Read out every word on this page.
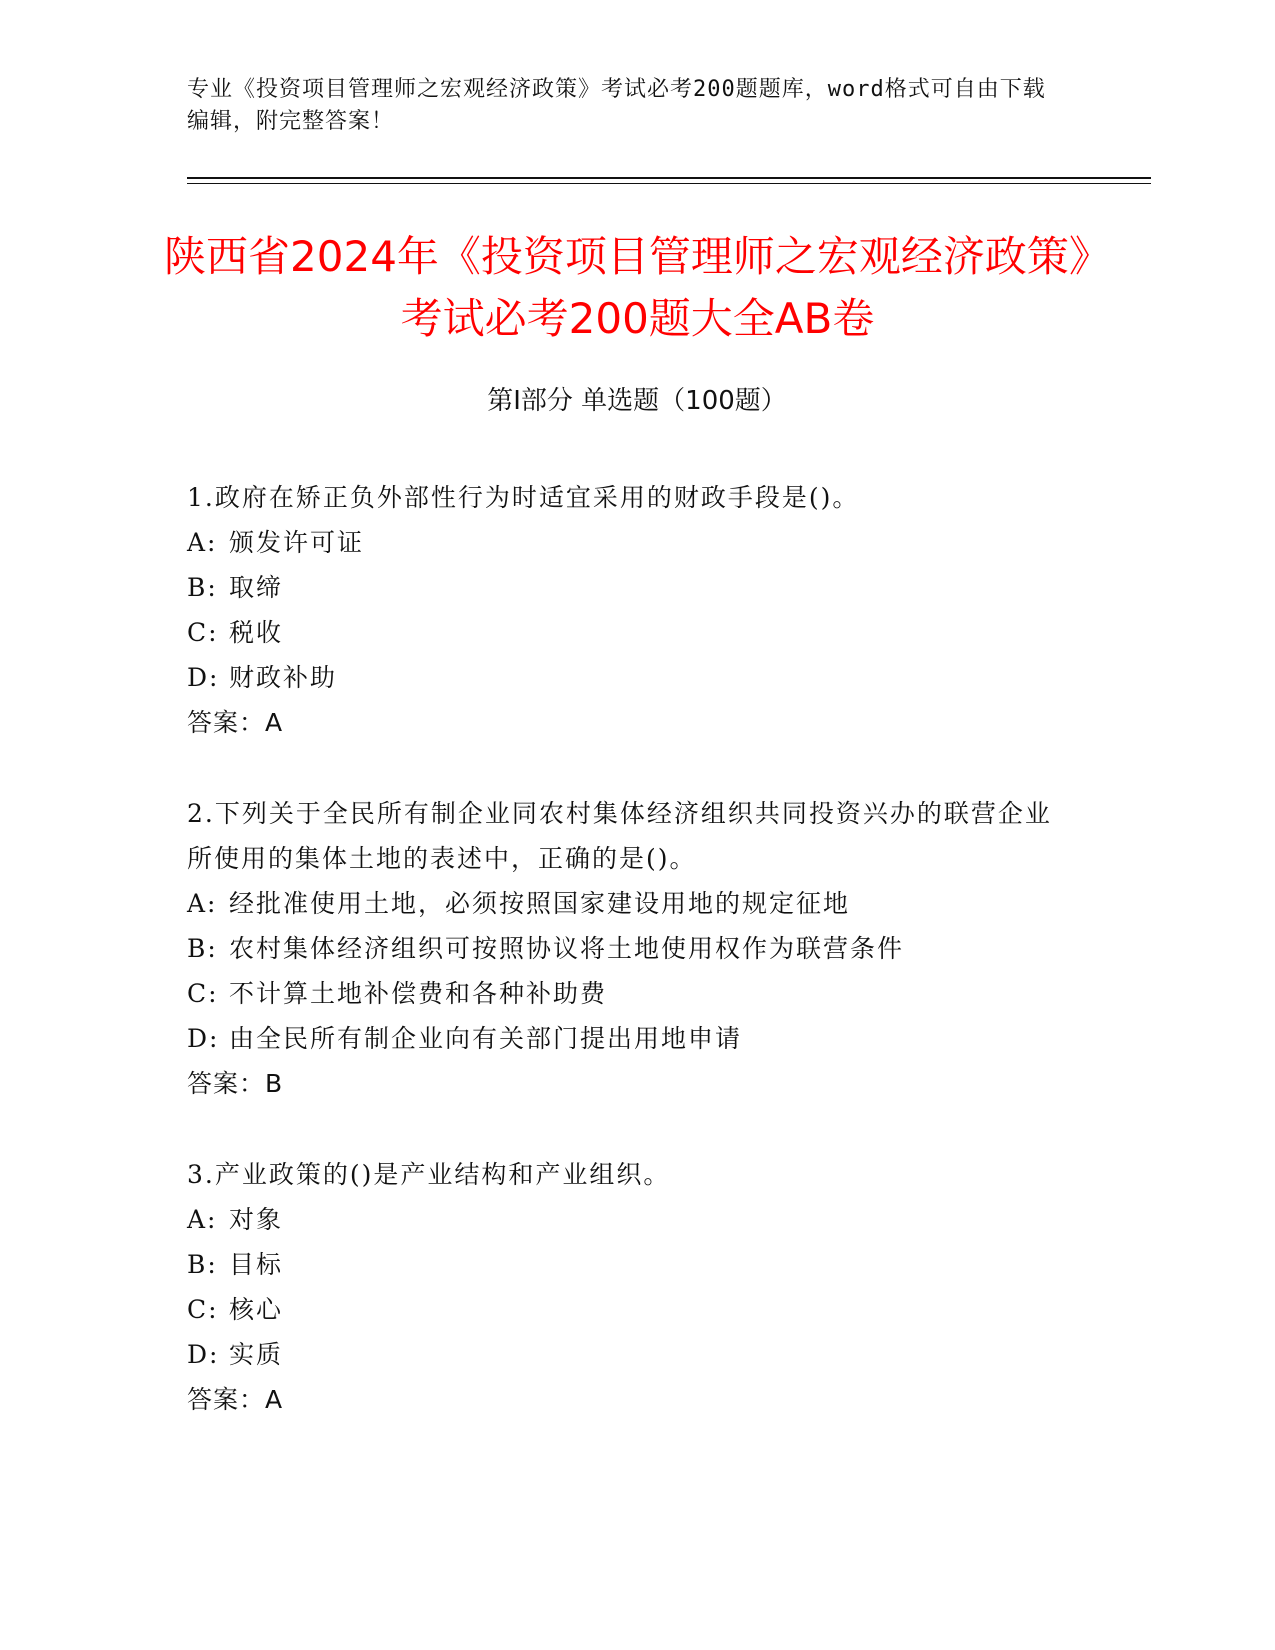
专业《投资项目管理师之宏观经济政策》考试必考200题题库，word格式可自由下载编辑，附完整答案！
陕西省2024年《投资项目管理师之宏观经济政策》考试必考200题大全AB卷
第Ⅰ部分 单选题（100题）
1.政府在矫正负外部性行为时适宜采用的财政手段是()。
A: 颁发许可证
B: 取缔
C: 税收
D: 财政补助
答案：A
2.下列关于全民所有制企业同农村集体经济组织共同投资兴办的联营企业所使用的集体土地的表述中，正确的是()。
A: 经批准使用土地，必须按照国家建设用地的规定征地
B: 农村集体经济组织可按照协议将土地使用权作为联营条件
C: 不计算土地补偿费和各种补助费
D: 由全民所有制企业向有关部门提出用地申请
答案：B
3.产业政策的()是产业结构和产业组织。
A: 对象
B: 目标
C: 核心
D: 实质
答案：A
